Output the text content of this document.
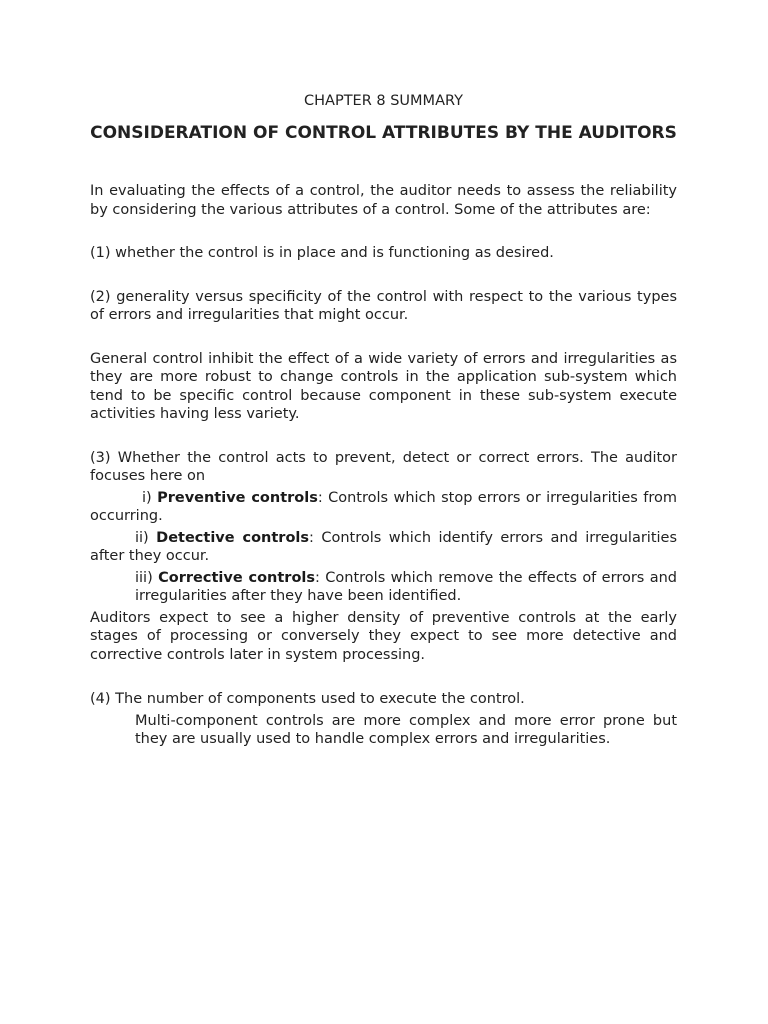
CHAPTER 8 SUMMARY
CONSIDERATION OF CONTROL ATTRIBUTES BY THE AUDITORS

In evaluating the effects of a control, the auditor needs to assess the reliability by considering the various attributes of a control. Some of the attributes are:

(1) whether the control is in place and is functioning as desired.

(2) generality versus specificity of the control with respect to the various types of errors and irregularities that might occur.

General control inhibit the effect of a wide variety of errors and irregularities as they are more robust to change controls in the application sub-system which tend to be specific control because component in these sub-system execute activities having less variety.

(3) Whether the control acts to prevent, detect or correct errors. The auditor focuses here on

i) Preventive controls: Controls which stop errors or irregularities from occurring.

ii) Detective controls: Controls which identify errors and irregularities after they occur.

iii) Corrective controls: Controls which remove the effects of errors and irregularities after they have been identified.

Auditors expect to see a higher density of preventive controls at the early stages of processing or conversely they expect to see more detective and corrective controls later in system processing.

(4) The number of components used to execute the control.

Multi-component controls are more complex and more error prone but they are usually used to handle complex errors and irregularities.
